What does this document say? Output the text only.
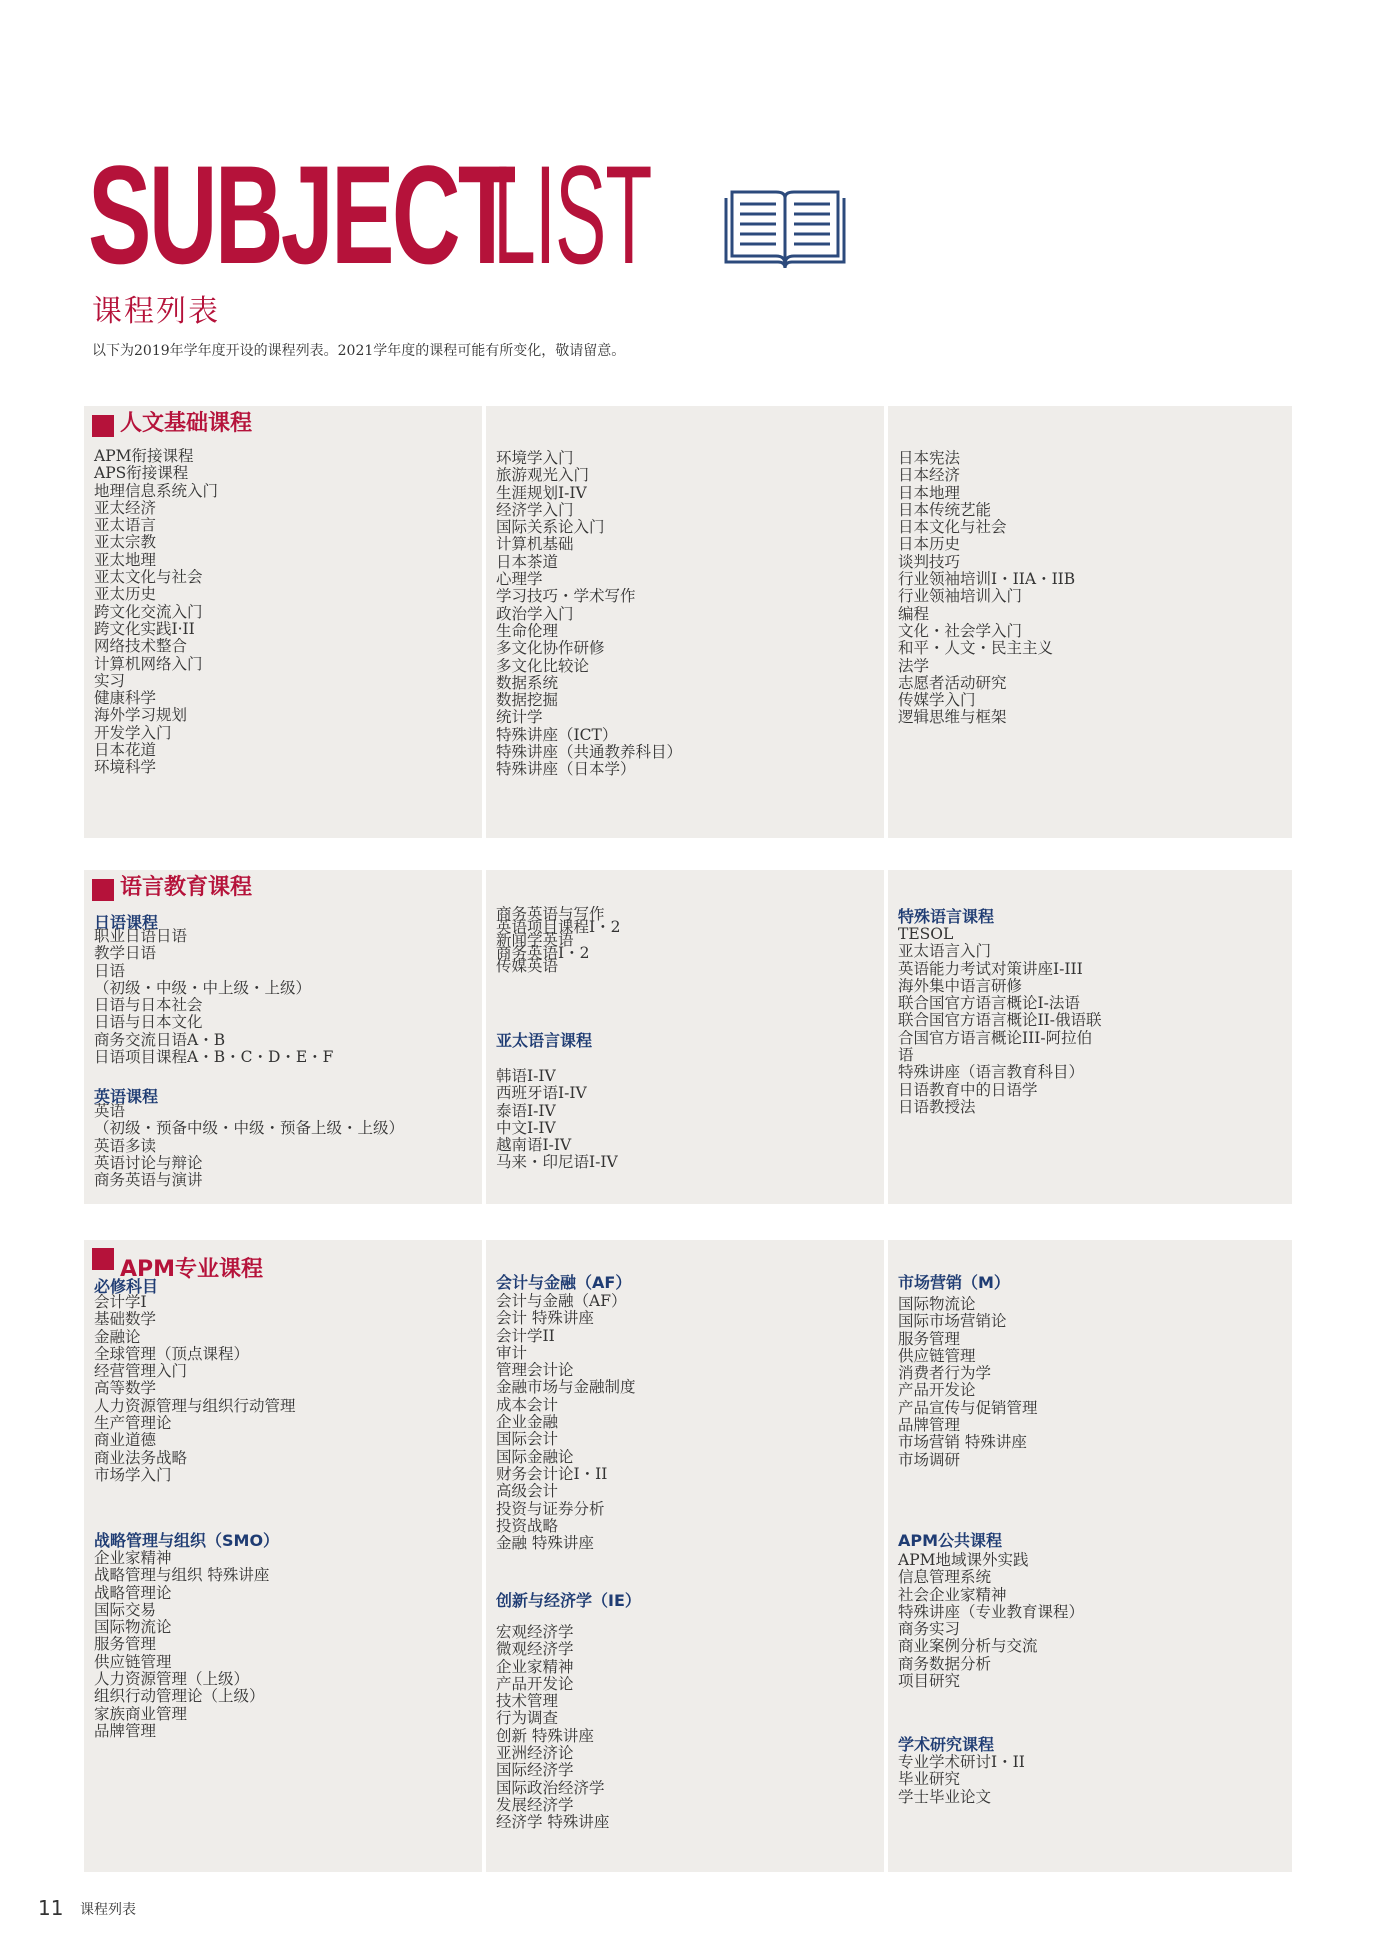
SUBJECT
LIST
课程列表
以下为2019年学年度开设的课程列表。2021学年度的课程可能有所变化，敬请留意。
人文基础课程
APM衔接课程
APS衔接课程
地理信息系统入门
亚太经济
亚太语言
亚太宗教
亚太地理
亚太文化与社会
亚太历史
跨文化交流入门
跨文化实践I·II
网络技术整合
计算机网络入门
实习
健康科学
海外学习规划
开发学入门
日本花道
环境科学
环境学入门
旅游观光入门
生涯规划I-IV
经济学入门
国际关系论入门
计算机基础
日本茶道
心理学
学习技巧・学术写作
政治学入门
生命伦理
多文化协作研修
多文化比较论
数据系统
数据挖掘
统计学
特殊讲座（ICT）
特殊讲座（共通教养科目）
特殊讲座（日本学）
日本宪法
日本经济
日本地理
日本传统艺能
日本文化与社会
日本历史
谈判技巧
行业领袖培训I・IIA・IIB
行业领袖培训入门
编程
文化・社会学入门
和平・人文・民主主义
法学
志愿者活动研究
传媒学入门
逻辑思维与框架
语言教育课程
日语课程
职业日语日语
教学日语
日语
（初级・中级・中上级・上级）
日语与日本社会
日语与日本文化
商务交流日语A・B
日语项目课程A・B・C・D・E・F
英语课程
英语
（初级・预备中级・中级・预备上级・上级）
英语多读
英语讨论与辩论
商务英语与演讲
商务英语与写作
英语项目课程I・2
新闻学英语
商务英语I・2
传媒英语
亚太语言课程
韩语I-IV
西班牙语I-IV
泰语I-IV
中文I-IV
越南语I-IV
马来・印尼语I-IV
特殊语言课程
TESOL
亚太语言入门
英语能力考试对策讲座I-III
海外集中语言研修
联合国官方语言概论I-法语
联合国官方语言概论II-俄语联
合国官方语言概论III-阿拉伯
语
特殊讲座（语言教育科目）
日语教育中的日语学
日语教授法
APM专业课程
必修科目
会计学I
基础数学
金融论
全球管理（顶点课程）
经营管理入门
高等数学
人力资源管理与组织行动管理
生产管理论
商业道德
商业法务战略
市场学入门
战略管理与组织（SMO）
企业家精神
战略管理与组织 特殊讲座
战略管理论
国际交易
国际物流论
服务管理
供应链管理
人力资源管理（上级）
组织行动管理论（上级）
家族商业管理
品牌管理
会计与金融（AF）
会计与金融（AF）
会计 特殊讲座
会计学II
审计
管理会计论
金融市场与金融制度
成本会计
企业金融
国际会计
国际金融论
财务会计论I・II
高级会计
投资与证券分析
投资战略
金融 特殊讲座
创新与经济学（IE）
宏观经济学
微观经济学
企业家精神
产品开发论
技术管理
行为调查
创新 特殊讲座
亚洲经济论
国际经济学
国际政治经济学
发展经济学
经济学 特殊讲座
市场营销（M）
国际物流论
国际市场营销论
服务管理
供应链管理
消费者行为学
产品开发论
产品宣传与促销管理
品牌管理
市场营销 特殊讲座
市场调研
APM公共课程
APM地域课外实践
信息管理系统
社会企业家精神
特殊讲座（专业教育课程）
商务实习
商业案例分析与交流
商务数据分析
项目研究
学术研究课程
专业学术研讨I・II
毕业研究
学士毕业论文
11 课程列表
